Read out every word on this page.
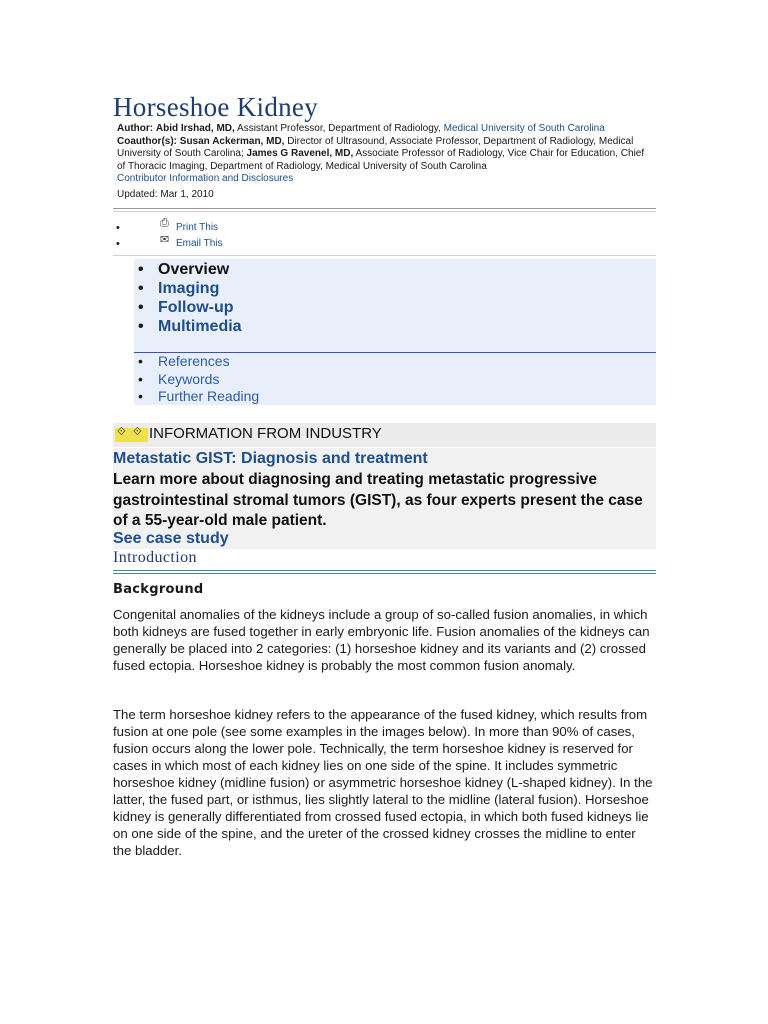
Horseshoe Kidney
Author: Abid Irshad, MD, Assistant Professor, Department of Radiology, Medical University of South Carolina
Coauthor(s): Susan Ackerman, MD, Director of Ultrasound, Associate Professor, Department of Radiology, Medical University of South Carolina; James G Ravenel, MD, Associate Professor of Radiology, Vice Chair for Education, Chief of Thoracic Imaging, Department of Radiology, Medical University of South Carolina
Contributor Information and Disclosures
Updated: Mar 1, 2010
•	⎙ Print This
•	✉ Email This
• Overview
• Imaging
• Follow-up
• Multimedia
• References
• Keywords
• Further Reading
⟐ ⟐ INFORMATION FROM INDUSTRY
Metastatic GIST: Diagnosis and treatment
Learn more about diagnosing and treating metastatic progressive gastrointestinal stromal tumors (GIST), as four experts present the case of a 55-year-old male patient.
See case study
Introduction
Background

Congenital anomalies of the kidneys include a group of so-called fusion anomalies, in which both kidneys are fused together in early embryonic life. Fusion anomalies of the kidneys can generally be placed into 2 categories: (1) horseshoe kidney and its variants and (2) crossed fused ectopia. Horseshoe kidney is probably the most common fusion anomaly.

The term horseshoe kidney refers to the appearance of the fused kidney, which results from fusion at one pole (see some examples in the images below). In more than 90% of cases, fusion occurs along the lower pole. Technically, the term horseshoe kidney is reserved for cases in which most of each kidney lies on one side of the spine. It includes symmetric horseshoe kidney (midline fusion) or asymmetric horseshoe kidney (L-shaped kidney). In the latter, the fused part, or isthmus, lies slightly lateral to the midline (lateral fusion). Horseshoe kidney is generally differentiated from crossed fused ectopia, in which both fused kidneys lie on one side of the spine, and the ureter of the crossed kidney crosses the midline to enter the bladder.
